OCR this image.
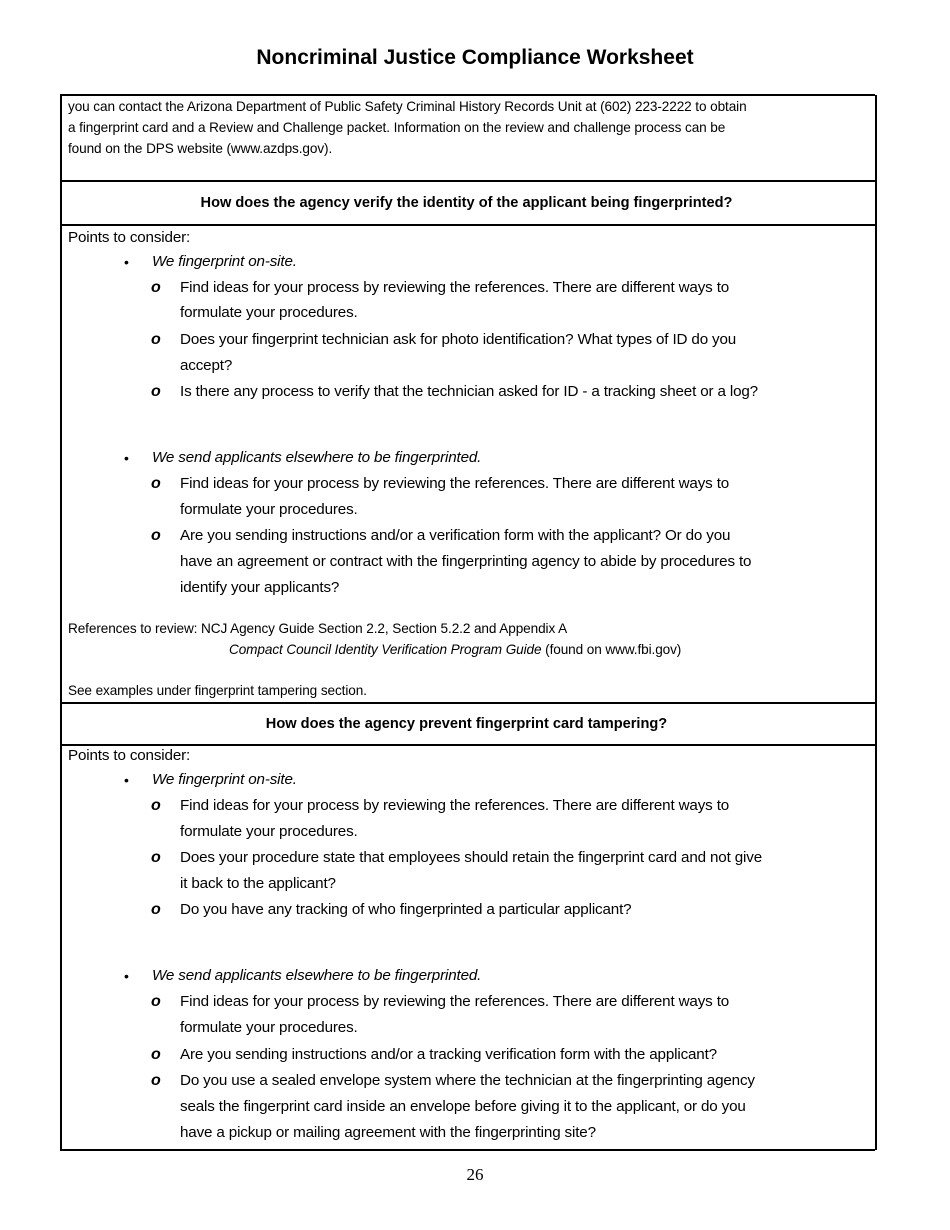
Noncriminal Justice Compliance Worksheet
you can contact the Arizona Department of Public Safety Criminal History Records Unit at (602) 223-2222 to obtain
a fingerprint card and a Review and Challenge packet. Information on the review and challenge process can be
found on the DPS website (www.azdps.gov).
How does the agency verify the identity of the applicant being fingerprinted?
Points to consider:
• We fingerprint on-site.
o Find ideas for your process by reviewing the references. There are different ways to
formulate your procedures.
o Does your fingerprint technician ask for photo identification? What types of ID do you
accept?
o Is there any process to verify that the technician asked for ID - a tracking sheet or a log?
• We send applicants elsewhere to be fingerprinted.
o Find ideas for your process by reviewing the references. There are different ways to
formulate your procedures.
o Are you sending instructions and/or a verification form with the applicant? Or do you
have an agreement or contract with the fingerprinting agency to abide by procedures to
identify your applicants?
References to review: NCJ Agency Guide Section 2.2, Section 5.2.2 and Appendix A
Compact Council Identity Verification Program Guide (found on www.fbi.gov)
See examples under fingerprint tampering section.
How does the agency prevent fingerprint card tampering?
Points to consider:
• We fingerprint on-site.
o Find ideas for your process by reviewing the references. There are different ways to
formulate your procedures.
o Does your procedure state that employees should retain the fingerprint card and not give
it back to the applicant?
o Do you have any tracking of who fingerprinted a particular applicant?
• We send applicants elsewhere to be fingerprinted.
o Find ideas for your process by reviewing the references. There are different ways to
formulate your procedures.
o Are you sending instructions and/or a tracking verification form with the applicant?
o Do you use a sealed envelope system where the technician at the fingerprinting agency
seals the fingerprint card inside an envelope before giving it to the applicant, or do you
have a pickup or mailing agreement with the fingerprinting site?
26
